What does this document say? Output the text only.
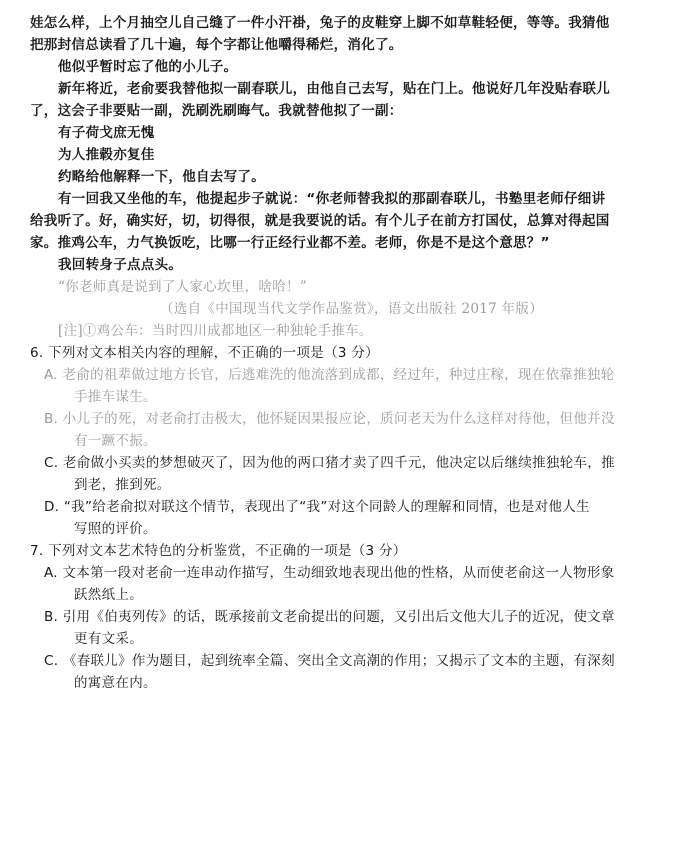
娃怎么样，上个月抽空儿自己缝了一件小汗褂，兔子的皮鞋穿上脚不如草鞋轻便，等等。我猜他
把那封信总读看了几十遍，每个字都让他嚼得稀烂，消化了。
他似乎暂时忘了他的小儿子。
新年将近，老俞要我替他拟一副春联儿，由他自己去写，贴在门上。他说好几年没贴春联儿
了，这会子非要贴一副，洗刷洗刷晦气。我就替他拟了一副：
有子荷戈庶无愧
为人推毂亦复佳
约略给他解释一下，他自去写了。
有一回我又坐他的车，他提起步子就说：“你老师替我拟的那副春联儿，书塾里老师仔细讲
给我听了。好，确实好，切，切得很，就是我要说的话。有个儿子在前方打国仗，总算对得起国
家。推鸡公车，力气换饭吃，比哪一行正经行业都不差。老师，你是不是这个意思？”
我回转身子点点头。
“你老师真是说到了人家心坎里，啥哈！”
（选自《中国现当代文学作品鉴赏》，语文出版社 2017 年版）
[注]①鸡公车：当时四川成都地区一种独轮手推车。
6. 下列对文本相关内容的理解，不正确的一项是（3 分）
A. 老俞的祖辈做过地方长官，后逃难洗的他流落到成都，经过年，种过庄稼，现在依靠推独轮
手推车谋生。
B. 小儿子的死，对老俞打击极大，他怀疑因果报应论，质问老天为什么这样对待他，但他并没
有一蹶不振。
C. 老俞做小买卖的梦想破灭了，因为他的两口猪才卖了四千元，他决定以后继续推独轮车，推
到老，推到死。
D. “我”给老俞拟对联这个情节，表现出了“我”对这个同龄人的理解和同情，也是对他人生
写照的评价。
7. 下列对文本艺术特色的分析鉴赏，不正确的一项是（3 分）
A. 文本第一段对老俞一连串动作描写，生动细致地表现出他的性格，从而使老俞这一人物形象
跃然纸上。
B. 引用《伯夷列传》的话，既承接前文老俞提出的问题，又引出后文他大儿子的近况，使文章
更有文采。
C. 《春联儿》作为题目，起到统率全篇、突出全文高潮的作用；又揭示了文本的主题，有深刻
的寓意在内。
